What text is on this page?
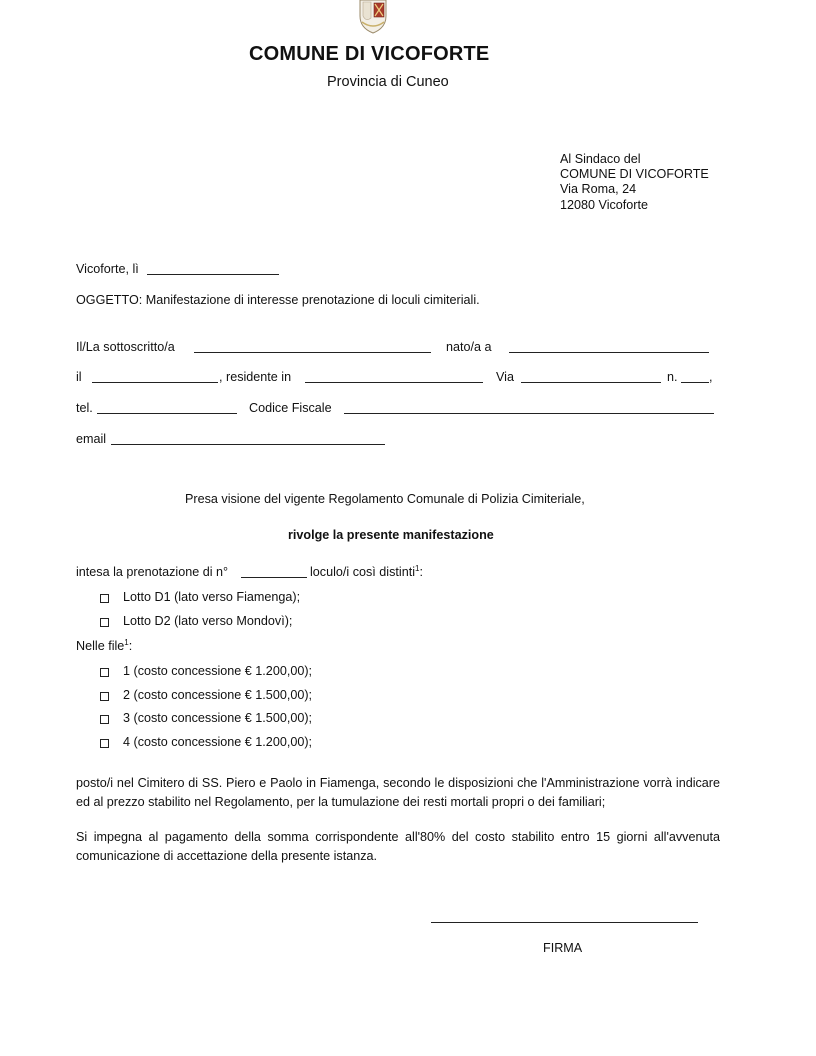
COMUNE DI VICOFORTE
Provincia di Cuneo
Al Sindaco del
COMUNE DI VICOFORTE
Via Roma, 24
12080 Vicoforte
Vicoforte, lì
OGGETTO: Manifestazione di interesse prenotazione di loculi cimiteriali.
Il/La sottoscritto/a	nato/a a
il	, residente in	Via	n. ,
tel.	Codice Fiscale
email
Presa visione del vigente Regolamento Comunale di Polizia Cimiteriale,
rivolge la presente manifestazione
intesa la prenotazione di n°	loculo/i così distinti$^1$:
Lotto D1 (lato verso Fiamenga);
Lotto D2 (lato verso Mondovì);
Nelle file$^1$:
1 (costo concessione € 1.200,00);
2 (costo concessione € 1.500,00);
3 (costo concessione € 1.500,00);
4 (costo concessione € 1.200,00);
posto/i nel Cimitero di SS. Piero e Paolo in Fiamenga, secondo le disposizioni che l'Amministrazione vorrà indicare ed al prezzo stabilito nel Regolamento, per la tumulazione dei resti mortali propri o dei familiari;
Si impegna al pagamento della somma corrispondente all'80% del costo stabilito entro 15 giorni all'avvenuta comunicazione di accettazione della presente istanza.
FIRMA
